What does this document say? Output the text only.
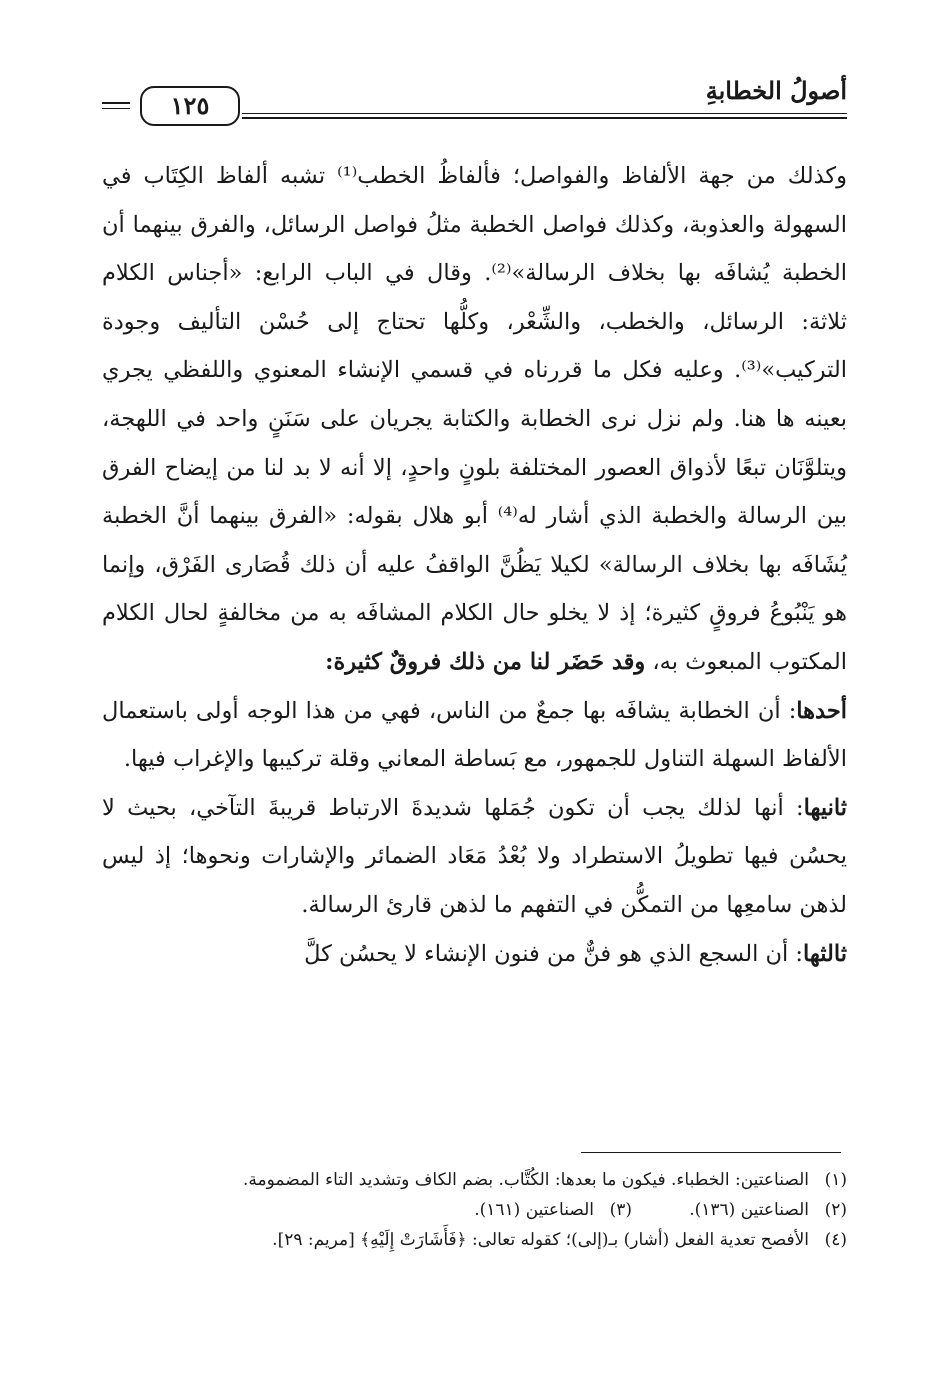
أصولُ الخطابةِ
١٢٥

وكذلك من جهة الألفاظ والفواصل؛ فألفاظُ الخطب⁽¹⁾ تشبه ألفاظ الكِتَاب في السهولة والعذوبة، وكذلك فواصل الخطبة مثلُ فواصل الرسائل، والفرق بينهما أن الخطبة يُشافَه بها بخلاف الرسالة»⁽²⁾. وقال في الباب الرابع: «أجناس الكلام ثلاثة: الرسائل، والخطب، والشِّعْر، وكلُّها تحتاج إلى حُسْن التأليف وجودة التركيب»⁽³⁾. وعليه فكل ما قررناه في قسمي الإنشاء المعنوي واللفظي يجري بعينه ها هنا. ولم نزل نرى الخطابة والكتابة يجريان على سَنَنٍ واحد في اللهجة، ويتلوَّنَان تبعًا لأذواق العصور المختلفة بلونٍ واحدٍ، إلا أنه لا بد لنا من إيضاح الفرق بين الرسالة والخطبة الذي أشار له⁽⁴⁾ أبو هلال بقوله: «الفرق بينهما أنَّ الخطبة يُشَافَه بها بخلاف الرسالة» لكيلا يَظُنَّ الواقفُ عليه أن ذلك قُصَارى الفَرْق، وإنما هو يَنْبُوعُ فروقٍ كثيرة؛ إذ لا يخلو حال الكلام المشافَه به من مخالفةٍ لحال الكلام المكتوب المبعوث به، وقد حَضَر لنا من ذلك فروقٌ كثيرة:

أحدها: أن الخطابة يشافَه بها جمعٌ من الناس، فهي من هذا الوجه أولى باستعمال الألفاظ السهلة التناول للجمهور، مع بَساطة المعاني وقلة تركيبها والإغراب فيها.

ثانيها: أنها لذلك يجب أن تكون جُمَلها شديدةَ الارتباط قريبةَ التآخي، بحيث لا يحسُن فيها تطويلُ الاستطراد ولا بُعْدُ مَعَاد الضمائر والإشارات ونحوها؛ إذ ليس لذهن سامعِها من التمكُّن في التفهم ما لذهن قارئ الرسالة.

ثالثها: أن السجع الذي هو فنٌّ من فنون الإنشاء لا يحسُن كلَّ

(١)
الصناعتين: الخطباء. فيكون ما بعدها: الكُتَّاب. بضم الكاف وتشديد التاء المضمومة.
(٢)
الصناعتين (١٣٦).
(٣)
الصناعتين (١٦١).
(٤)
الأفصح تعدية الفعل (أشار) بـ(إلى)؛ كقوله تعالى: ﴿فَأَشَارَتْ إِلَيْهِ﴾ [مريم: ٢٩].
